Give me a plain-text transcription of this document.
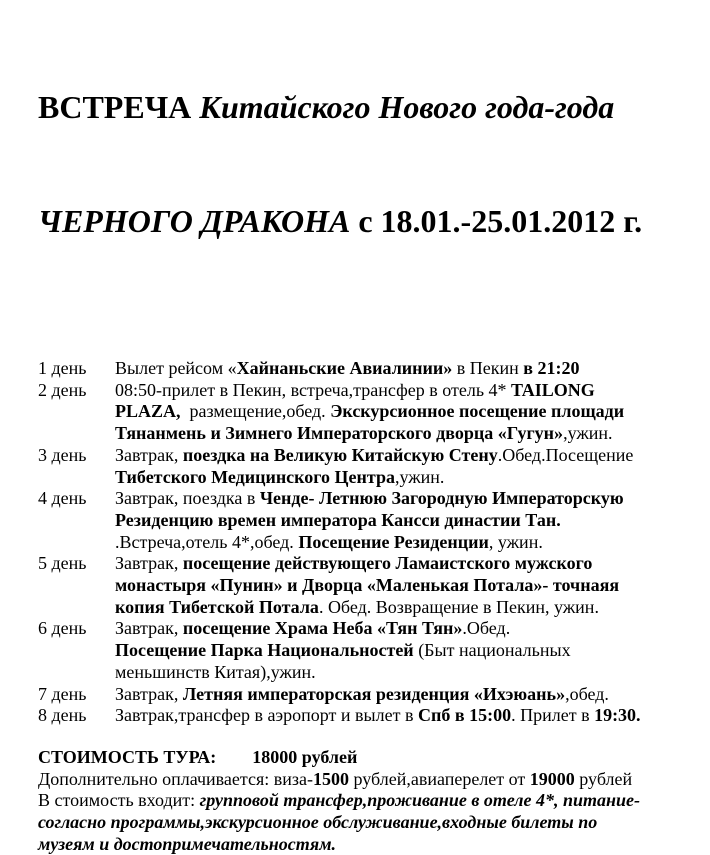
ВСТРЕЧА Китайского Нового года-года

ЧЕРНОГО ДРАКОНА с 18.01.-25.01.2012 г.

1 день	Вылет рейсом «Хайнаньские Авиалинии» в Пекин в 21:20
2 день	08:50-прилет в Пекин, встреча,трансфер в отель 4* TAILONG
PLAZA,  размещение,обед. Экскурсионное посещение площади
Тянанмень и Зимнего Императорского дворца «Гугун»,ужин.
3 день	Завтрак, поездка на Великую Китайскую Стену.Обед.Посещение
Тибетского Медицинского Центра,ужин.
4 день	Завтрак, поездка в Ченде- Летнюю Загородную Императорскую
Резиденцию времен императора Кансси династии Тан.
.Встреча,отель 4*,обед. Посещение Резиденции, ужин.
5 день	Завтрак, посещение действующего Ламаистского мужского
монастыря «Пунин» и Дворца «Маленькая Потала»- точнаяя
копия Тибетской Потала. Обед. Возвращение в Пекин, ужин.
6 день	Завтрак, посещение Храма Неба «Тян Тян».Обед.
Посещение Парка Национальностей (Быт национальных
меньшинств Китая),ужин.
7 день	Завтрак, Летняя императорская резиденция «Ихэюань»,обед.
8 день	Завтрак,трансфер в аэропорт и вылет в Спб в 15:00. Прилет в 19:30.
СТОИМОСТЬ ТУРА: 18000 рублей
Дополнительно оплачивается: виза-1500 рублей,авиаперелет от 19000 рублей
В стоимость входит: групповой трансфер,проживание в отеле 4*, питание-
согласно программы,экскурсионное обслуживание,входные билеты по
музеям и достопримечательностям.
